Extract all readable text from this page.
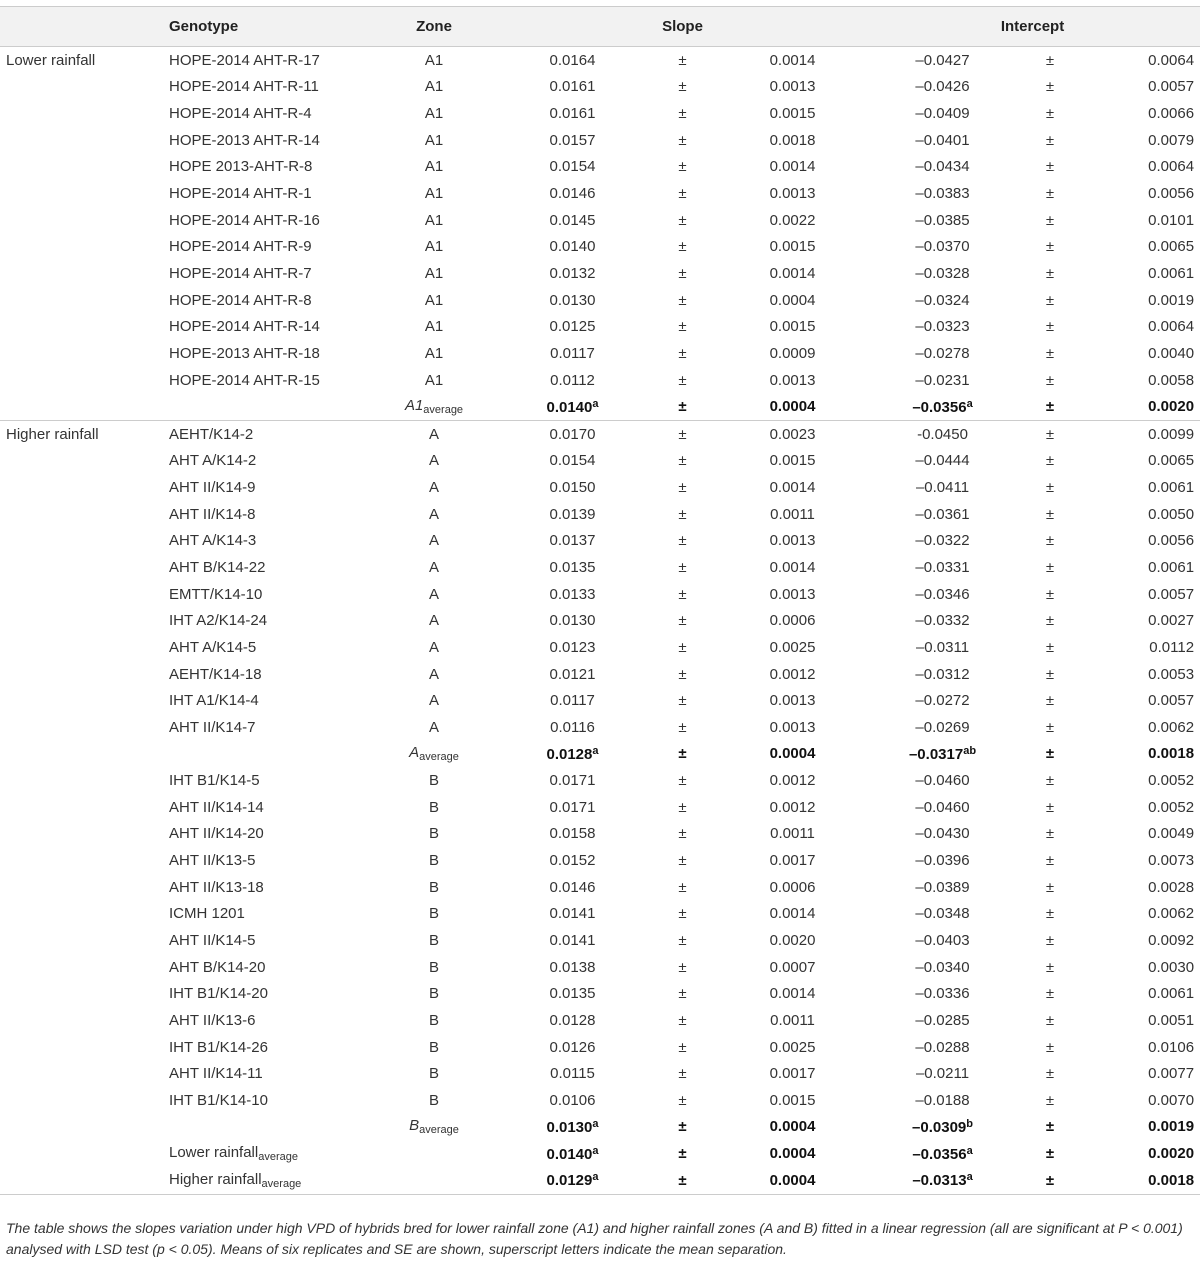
	Genotype	Zone	Slope			Intercept		
Lower rainfall	HOPE-2014 AHT-R-17	A1	0.0164	±	0.0014	–0.0427	±	0.0064
	HOPE-2014 AHT-R-11	A1	0.0161	±	0.0013	–0.0426	±	0.0057
	HOPE-2014 AHT-R-4	A1	0.0161	±	0.0015	–0.0409	±	0.0066
	HOPE-2013 AHT-R-14	A1	0.0157	±	0.0018	–0.0401	±	0.0079
	HOPE 2013-AHT-R-8	A1	0.0154	±	0.0014	–0.0434	±	0.0064
	HOPE-2014 AHT-R-1	A1	0.0146	±	0.0013	–0.0383	±	0.0056
	HOPE-2014 AHT-R-16	A1	0.0145	±	0.0022	–0.0385	±	0.0101
	HOPE-2014 AHT-R-9	A1	0.0140	±	0.0015	–0.0370	±	0.0065
	HOPE-2014 AHT-R-7	A1	0.0132	±	0.0014	–0.0328	±	0.0061
	HOPE-2014 AHT-R-8	A1	0.0130	±	0.0004	–0.0324	±	0.0019
	HOPE-2014 AHT-R-14	A1	0.0125	±	0.0015	–0.0323	±	0.0064
	HOPE-2013 AHT-R-18	A1	0.0117	±	0.0009	–0.0278	±	0.0040
	HOPE-2014 AHT-R-15	A1	0.0112	±	0.0013	–0.0231	±	0.0058
		$A1_{average}$	0.0140$^a$	±	0.0004	–0.0356$^a$	±	0.0020
Higher rainfall	AEHT/K14-2	A	0.0170	±	0.0023	-0.0450	±	0.0099
	AHT A/K14-2	A	0.0154	±	0.0015	–0.0444	±	0.0065
	AHT II/K14-9	A	0.0150	±	0.0014	–0.0411	±	0.0061
	AHT II/K14-8	A	0.0139	±	0.0011	–0.0361	±	0.0050
	AHT A/K14-3	A	0.0137	±	0.0013	–0.0322	±	0.0056
	AHT B/K14-22	A	0.0135	±	0.0014	–0.0331	±	0.0061
	EMTT/K14-10	A	0.0133	±	0.0013	–0.0346	±	0.0057
	IHT A2/K14-24	A	0.0130	±	0.0006	–0.0332	±	0.0027
	AHT A/K14-5	A	0.0123	±	0.0025	–0.0311	±	0.0112
	AEHT/K14-18	A	0.0121	±	0.0012	–0.0312	±	0.0053
	IHT A1/K14-4	A	0.0117	±	0.0013	–0.0272	±	0.0057
	AHT II/K14-7	A	0.0116	±	0.0013	–0.0269	±	0.0062
		$A_{average}$	0.0128$^a$	±	0.0004	–0.0317$^{ab}$	±	0.0018
	IHT B1/K14-5	B	0.0171	±	0.0012	–0.0460	±	0.0052
	AHT II/K14-14	B	0.0171	±	0.0012	–0.0460	±	0.0052
	AHT II/K14-20	B	0.0158	±	0.0011	–0.0430	±	0.0049
	AHT II/K13-5	B	0.0152	±	0.0017	–0.0396	±	0.0073
	AHT II/K13-18	B	0.0146	±	0.0006	–0.0389	±	0.0028
	ICMH 1201	B	0.0141	±	0.0014	–0.0348	±	0.0062
	AHT II/K14-5	B	0.0141	±	0.0020	–0.0403	±	0.0092
	AHT B/K14-20	B	0.0138	±	0.0007	–0.0340	±	0.0030
	IHT B1/K14-20	B	0.0135	±	0.0014	–0.0336	±	0.0061
	AHT II/K13-6	B	0.0128	±	0.0011	–0.0285	±	0.0051
	IHT B1/K14-26	B	0.0126	±	0.0025	–0.0288	±	0.0106
	AHT II/K14-11	B	0.0115	±	0.0017	–0.0211	±	0.0077
	IHT B1/K14-10	B	0.0106	±	0.0015	–0.0188	±	0.0070
		$B_{average}$	0.0130$^a$	±	0.0004	–0.0309$^b$	±	0.0019
	Lower rainfall$_{average}$		0.0140$^a$	±	0.0004	–0.0356$^a$	±	0.0020
	Higher rainfall$_{average}$		0.0129$^a$	±	0.0004	–0.0313$^a$	±	0.0018
The table shows the slopes variation under high VPD of hybrids bred for lower rainfall zone (A1) and higher rainfall zones (A and B) fitted in a linear regression (all are significant at P < 0.001) analysed with LSD test (p < 0.05). Means of six replicates and SE are shown, superscript letters indicate the mean separation.
